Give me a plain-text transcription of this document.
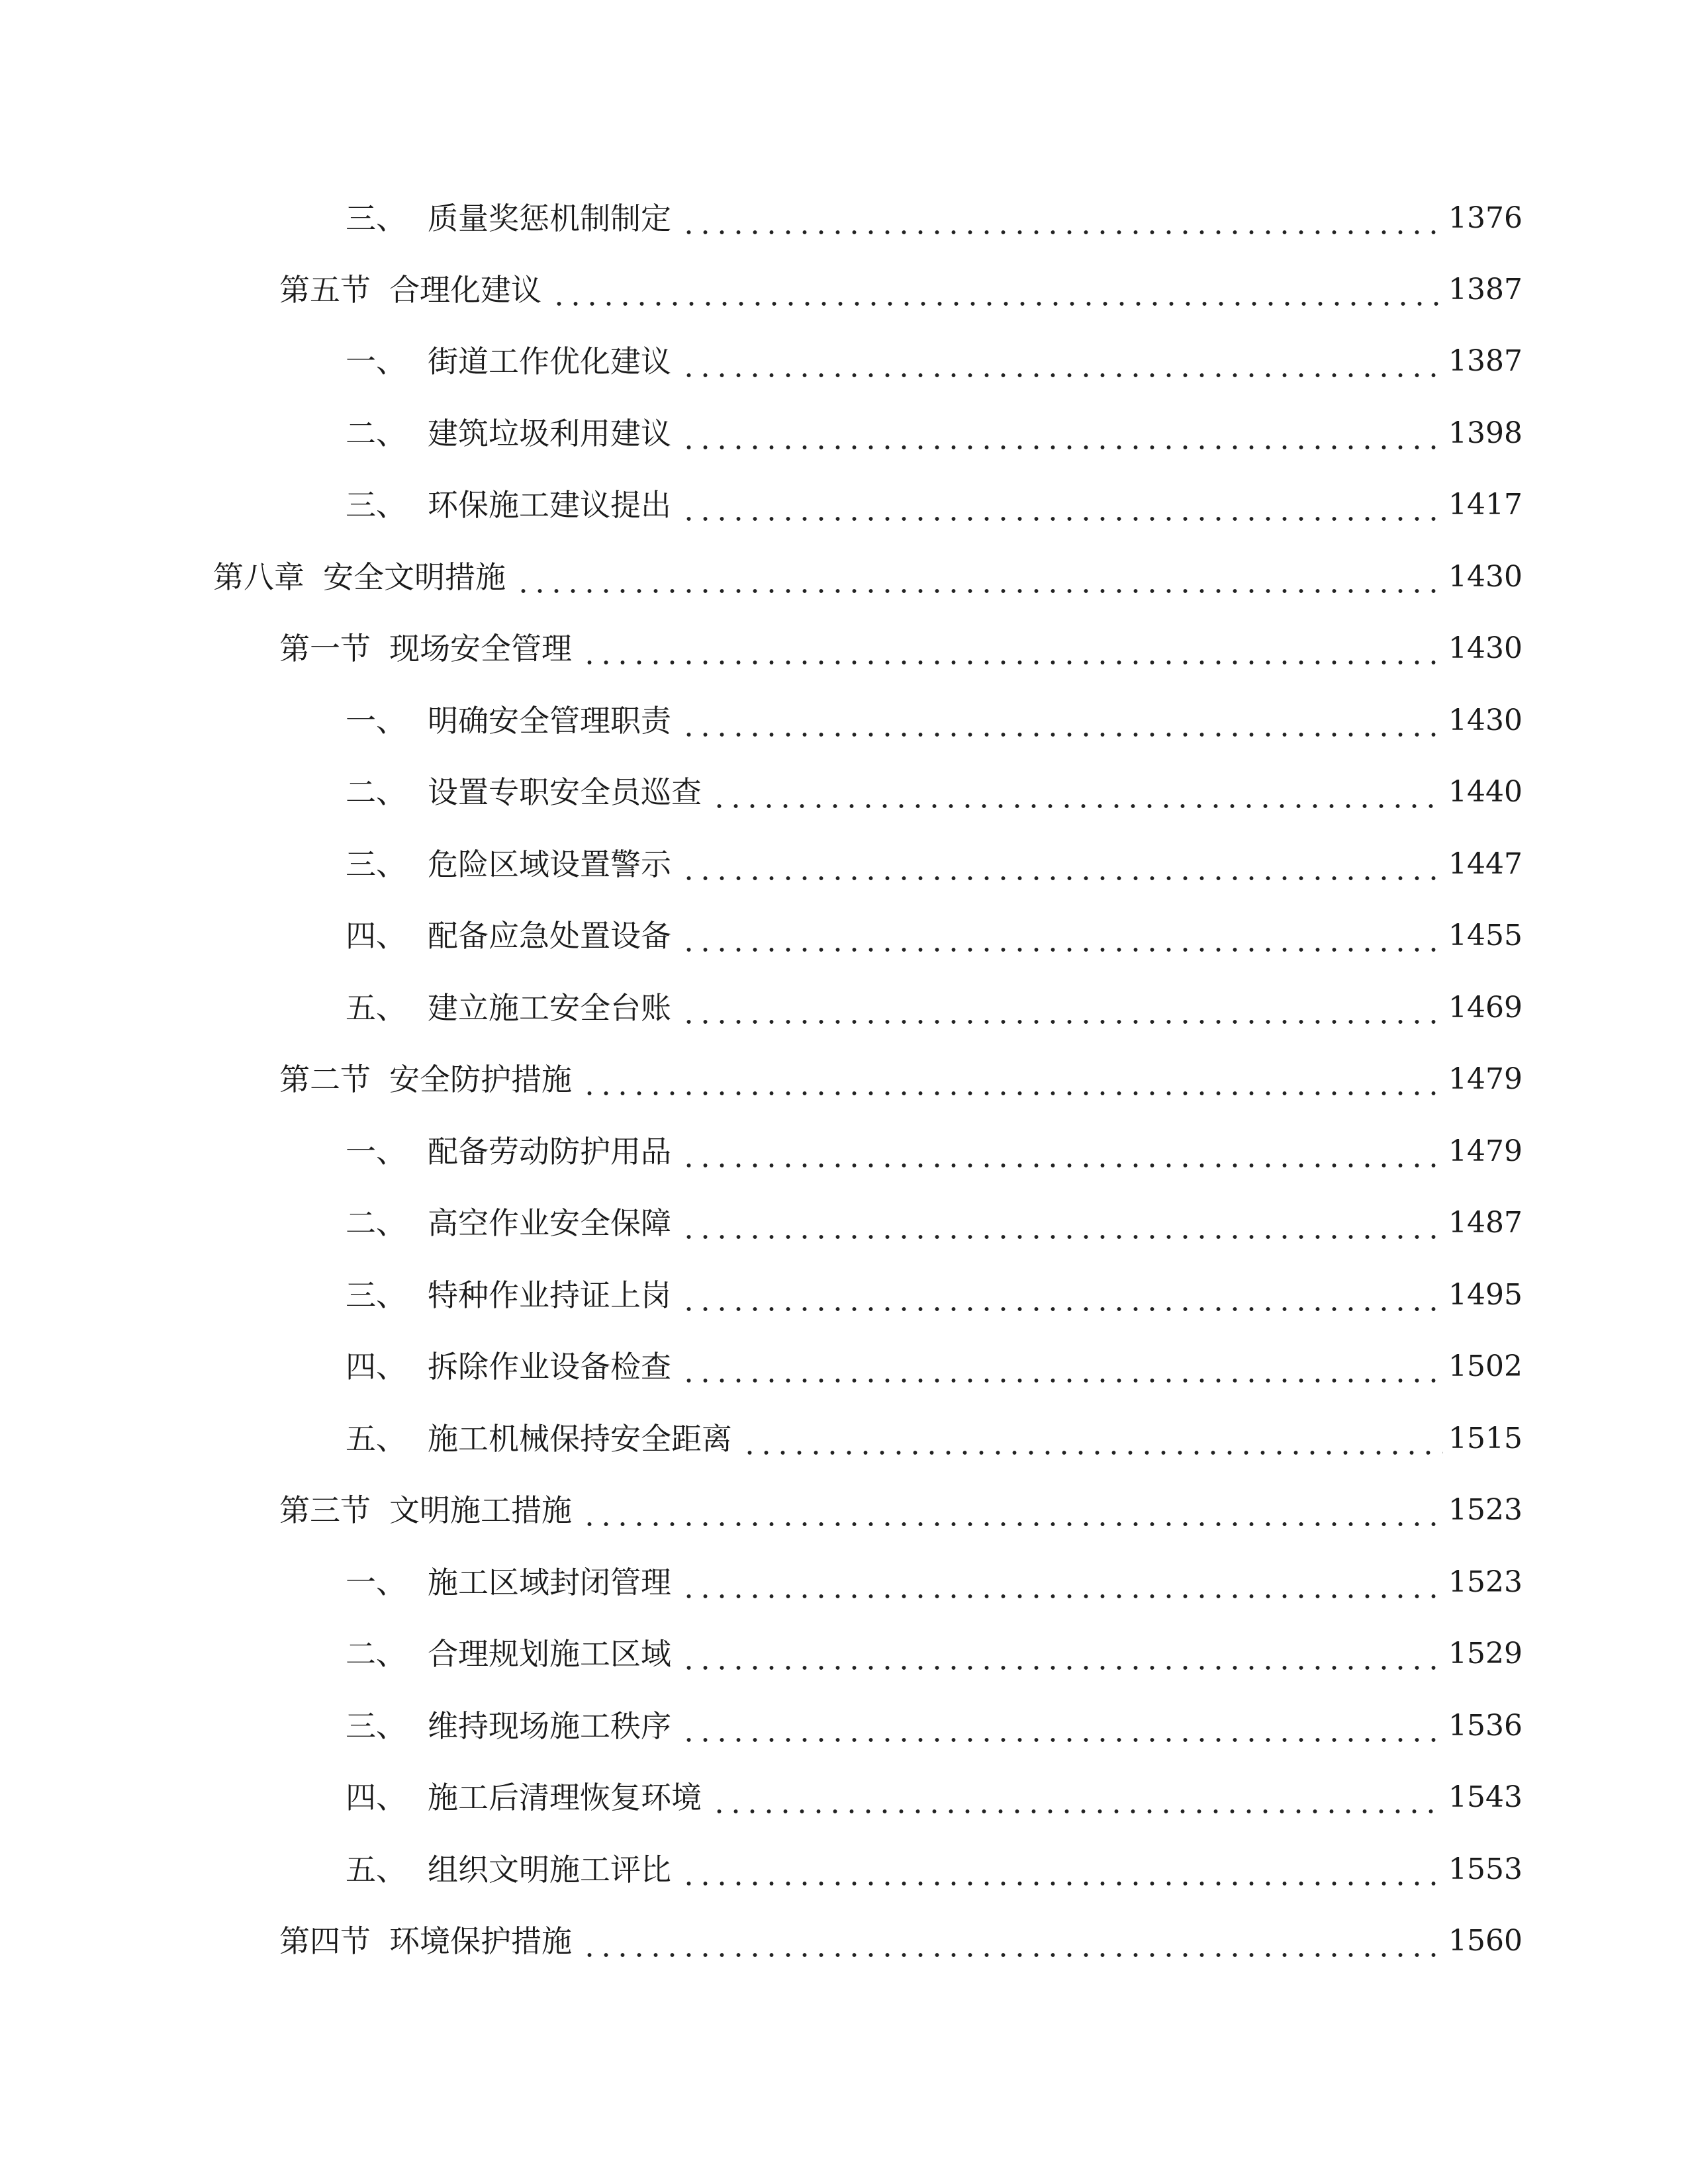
三、 质量奖惩机制制定	1376
第五节 合理化建议	1387
一、 街道工作优化建议	1387
二、 建筑垃圾利用建议	1398
三、 环保施工建议提出	1417
第八章 安全文明措施	1430
第一节 现场安全管理	1430
一、 明确安全管理职责	1430
二、 设置专职安全员巡查	1440
三、 危险区域设置警示	1447
四、 配备应急处置设备	1455
五、 建立施工安全台账	1469
第二节 安全防护措施	1479
一、 配备劳动防护用品	1479
二、 高空作业安全保障	1487
三、 特种作业持证上岗	1495
四、 拆除作业设备检查	1502
五、 施工机械保持安全距离	1515
第三节 文明施工措施	1523
一、 施工区域封闭管理	1523
二、 合理规划施工区域	1529
三、 维持现场施工秩序	1536
四、 施工后清理恢复环境	1543
五、 组织文明施工评比	1553
第四节 环境保护措施	1560
